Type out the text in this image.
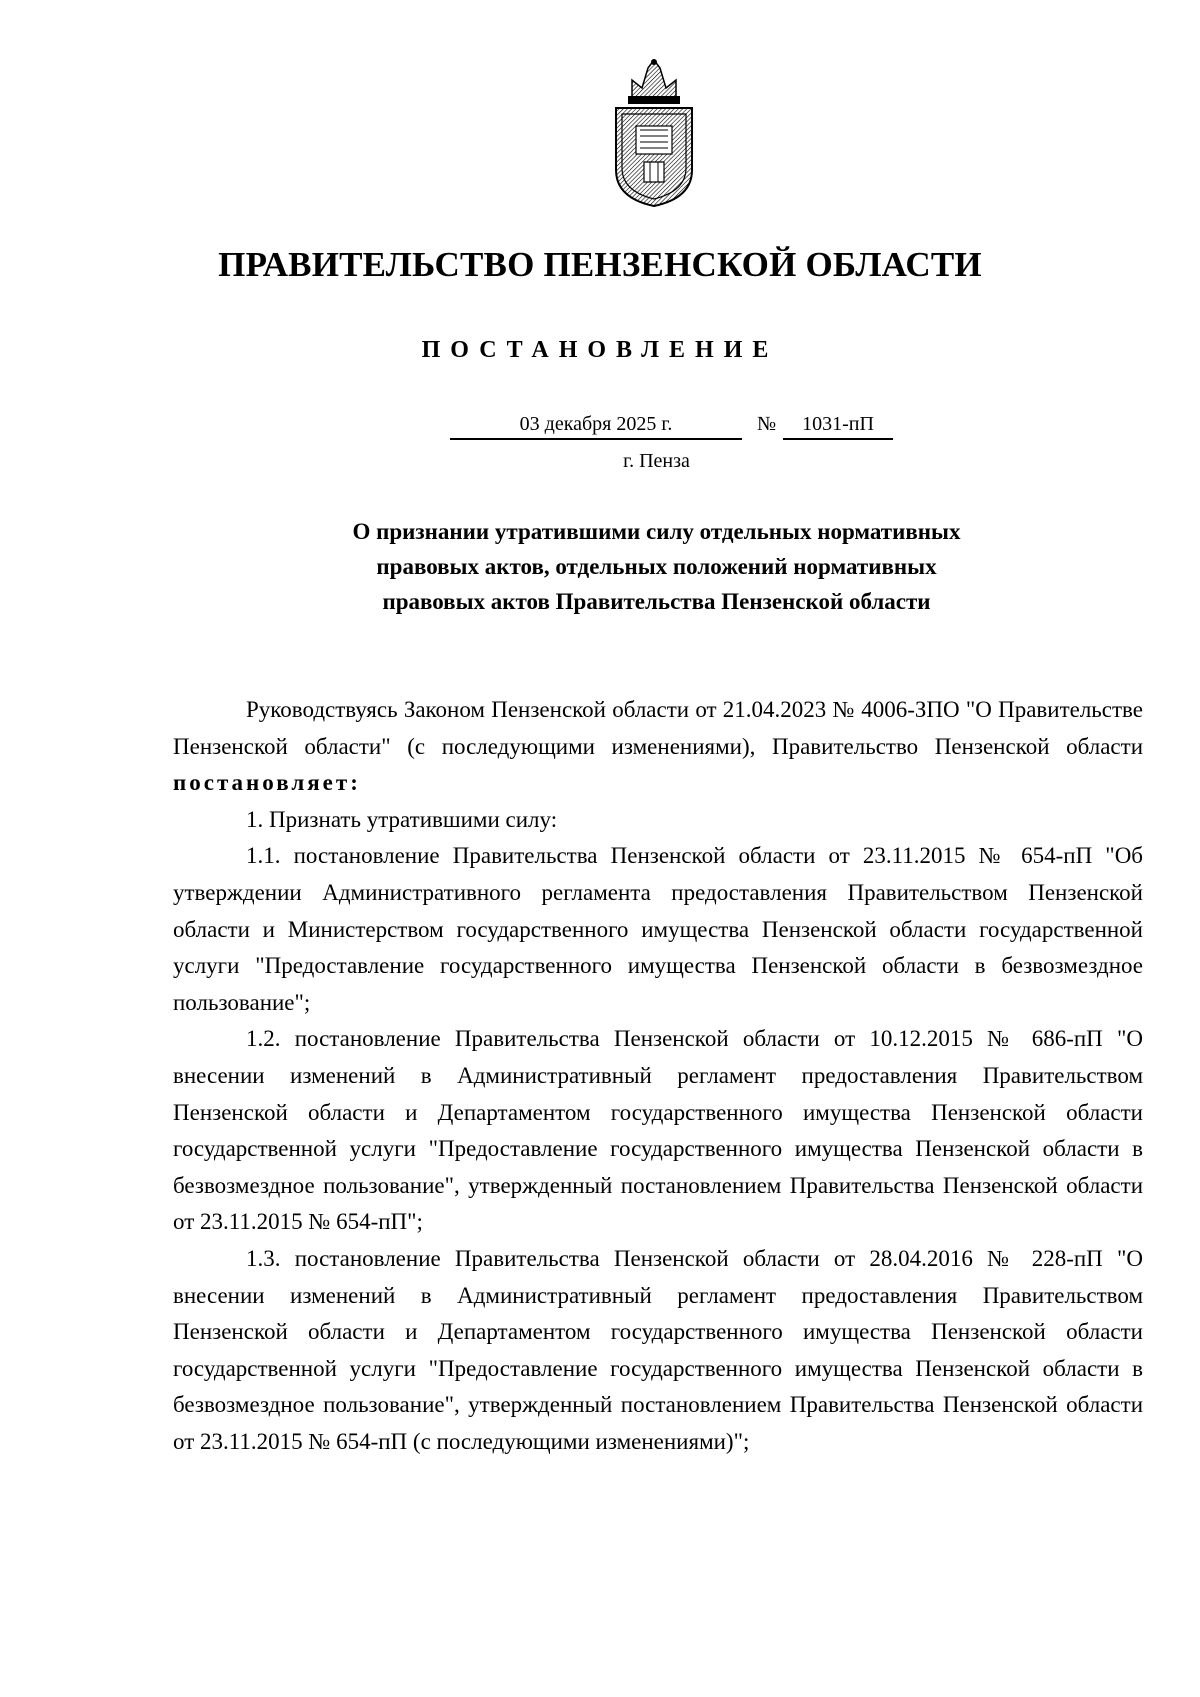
ПРАВИТЕЛЬСТВО ПЕНЗЕНСКОЙ ОБЛАСТИ
ПОСТАНОВЛЕНИЕ
03 декабря 2025 г.	№	1031-пП

г. Пенза

О признании утратившими силу отдельных нормативных
правовых актов, отдельных положений нормативных
правовых актов Правительства Пензенской области

Руководствуясь Законом Пензенской области от 21.04.2023 № 4006-ЗПО "О Правительстве Пензенской области" (с последующими изменениями), Правительство Пензенской области постановляет:

1. Признать утратившими силу:

1.1. постановление Правительства Пензенской области от 23.11.2015 № 654-пП "Об утверждении Административного регламента предоставления Правительством Пензенской области и Министерством государственного имущества Пензенской области государственной услуги "Предоставление государственного имущества Пензенской области в безвозмездное пользование";

1.2. постановление Правительства Пензенской области от 10.12.2015 № 686-пП "О внесении изменений в Административный регламент предоставления Правительством Пензенской области и Департаментом государственного имущества Пензенской области государственной услуги "Предоставление государственного имущества Пензенской области в безвозмездное пользование", утвержденный постановлением Правительства Пензенской области от 23.11.2015 № 654-пП";

1.3. постановление Правительства Пензенской области от 28.04.2016 № 228-пП "О внесении изменений в Административный регламент предоставления Правительством Пензенской области и Департаментом государственного имущества Пензенской области государственной услуги "Предоставление государственного имущества Пензенской области в безвозмездное пользование", утвержденный постановлением Правительства Пензенской области от 23.11.2015 № 654-пП (с последующими изменениями)";
